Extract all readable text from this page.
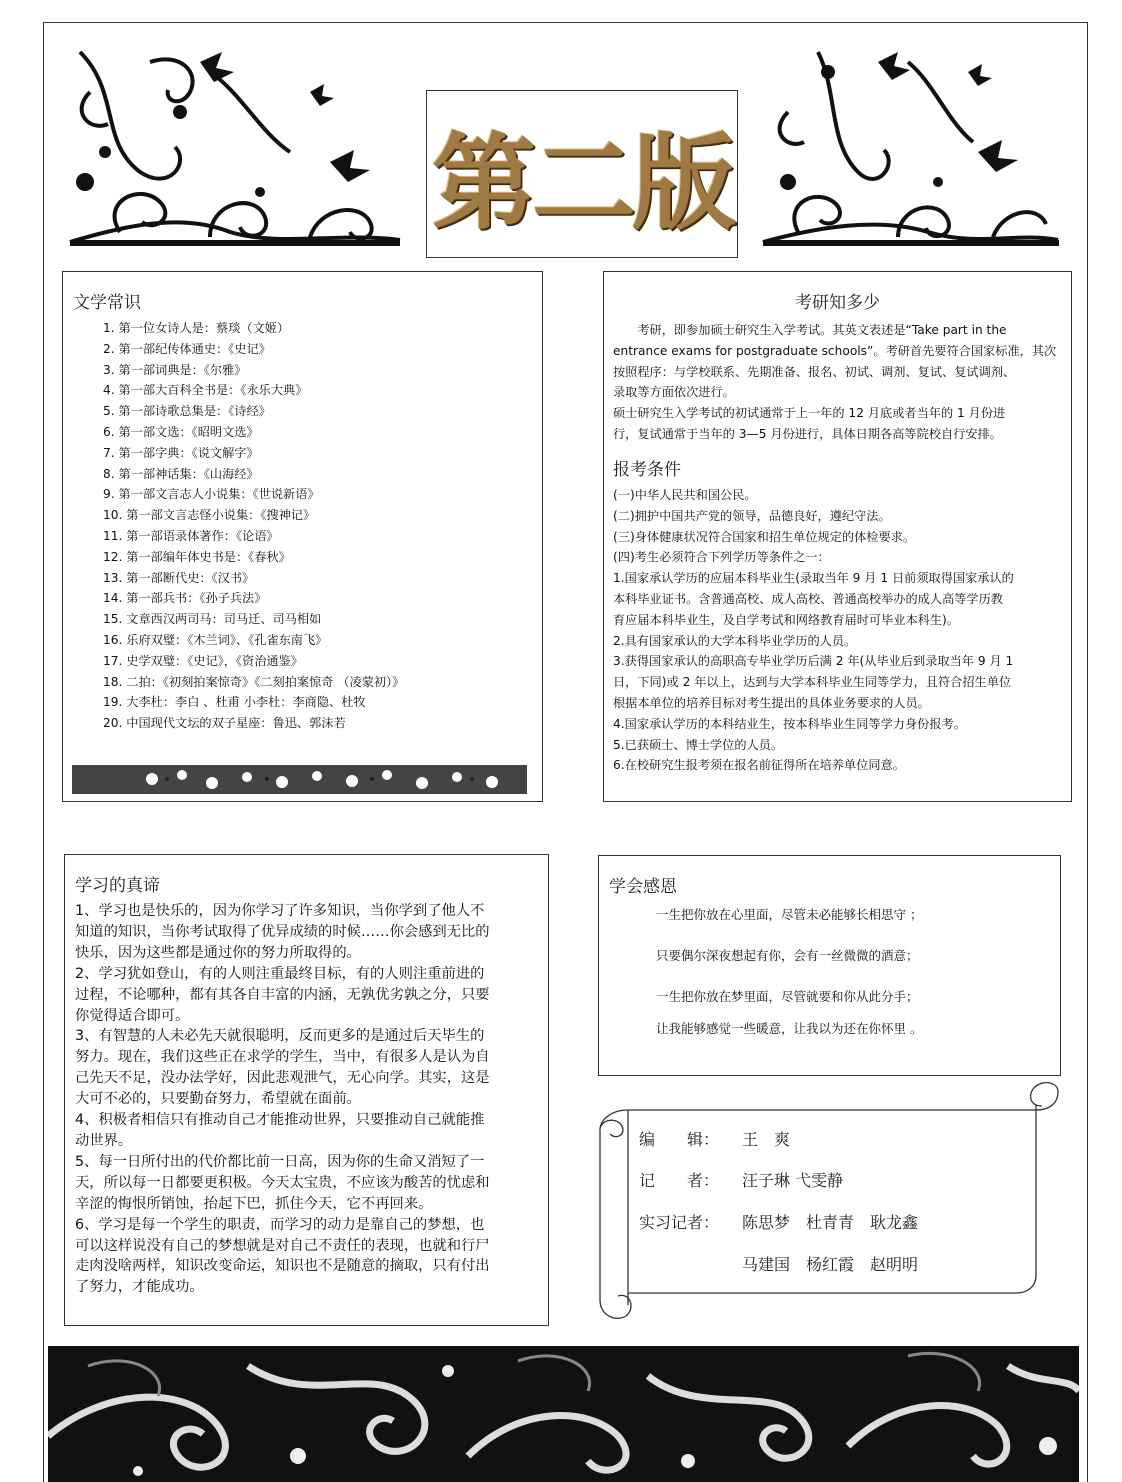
第二版
文学常识
1. 第一位女诗人是：蔡琰（文姬）
2. 第一部纪传体通史：《史记》
3. 第一部词典是：《尔雅》
4. 第一部大百科全书是：《永乐大典》
5. 第一部诗歌总集是：《诗经》
6. 第一部文选：《昭明文选》
7. 第一部字典：《说文解字》
8. 第一部神话集：《山海经》
9. 第一部文言志人小说集：《世说新语》
10. 第一部文言志怪小说集：《搜神记》
11. 第一部语录体著作：《论语》
12. 第一部编年体史书是：《春秋》
13. 第一部断代史：《汉书》
14. 第一部兵书：《孙子兵法》
15. 文章西汉两司马：司马迁、司马相如
16. 乐府双璧：《木兰词》、《孔雀东南飞》
17. 史学双璧：《史记》，《资治通鉴》
18. 二拍：《初刻拍案惊奇》《二刻拍案惊奇 （凌蒙初）》
19. 大李杜：李白 、杜甫 小李杜：李商隐、杜牧
20. 中国现代文坛的双子星座：鲁迅、郭沫若
考研知多少

　　考研，即参加硕士研究生入学考试。其英文表述是“Take part in the

entrance exams for postgraduate schools”。考研首先要符合国家标准，其次

按照程序：与学校联系、先期准备、报名、初试、调剂、复试、复试调剂、

录取等方面依次进行。

硕士研究生入学考试的初试通常于上一年的 12 月底或者当年的 1 月份进

行，复试通常于当年的 3—5 月份进行，具体日期各高等院校自行安排。

报考条件

(一)中华人民共和国公民。

(二)拥护中国共产党的领导，品德良好，遵纪守法。

(三)身体健康状况符合国家和招生单位规定的体检要求。

(四)考生必须符合下列学历等条件之一：

1.国家承认学历的应届本科毕业生(录取当年 9 月 1 日前须取得国家承认的

本科毕业证书。含普通高校、成人高校、普通高校举办的成人高等学历教

育应届本科毕业生，及自学考试和网络教育届时可毕业本科生)。

2.具有国家承认的大学本科毕业学历的人员。

3.获得国家承认的高职高专毕业学历后满 2 年(从毕业后到录取当年 9 月 1

日，下同)或 2 年以上，达到与大学本科毕业生同等学力，且符合招生单位

根据本单位的培养目标对考生提出的具体业务要求的人员。

4.国家承认学历的本科结业生，按本科毕业生同等学力身份报考。

5.已获硕士、博士学位的人员。

6.在校研究生报考须在报名前征得所在培养单位同意。

学习的真谛

1、学习也是快乐的，因为你学习了许多知识，当你学到了他人不

知道的知识，当你考试取得了优异成绩的时候……你会感到无比的

快乐，因为这些都是通过你的努力所取得的。

2、学习犹如登山，有的人则注重最终目标，有的人则注重前进的

过程，不论哪种，都有其各自丰富的内涵，无孰优劣孰之分，只要

你觉得适合即可。

3、有智慧的人未必先天就很聪明，反而更多的是通过后天毕生的

努力。现在，我们这些正在求学的学生，当中，有很多人是认为自

己先天不足，没办法学好，因此悲观泄气，无心向学。其实，这是

大可不必的，只要勤奋努力，希望就在面前。

4、积极者相信只有推动自己才能推动世界，只要推动自己就能推

动世界。

5、每一日所付出的代价都比前一日高，因为你的生命又消短了一

天，所以每一日都要更积极。今天太宝贵，不应该为酸苦的忧虑和

辛涩的悔恨所销蚀，抬起下巴，抓住今天，它不再回来。

6、学习是每一个学生的职责，而学习的动力是靠自己的梦想，也

可以这样说没有自己的梦想就是对自己不责任的表现，也就和行尸

走肉没啥两样，知识改变命运，知识也不是随意的摘取，只有付出

了努力，才能成功。

学会感恩

一生把你放在心里面，尽管未必能够长相思守 ；

只要偶尔深夜想起有你，会有一丝微微的酒意；

一生把你放在梦里面，尽管就要和你从此分手；

让我能够感觉一些暖意，让我以为还在你怀里 。

编　　辑： 王　爽
记　　者： 汪子琳 弋雯静
实习记者： 陈思梦　杜青青　耿龙鑫
马建国　杨红霞　赵明明
